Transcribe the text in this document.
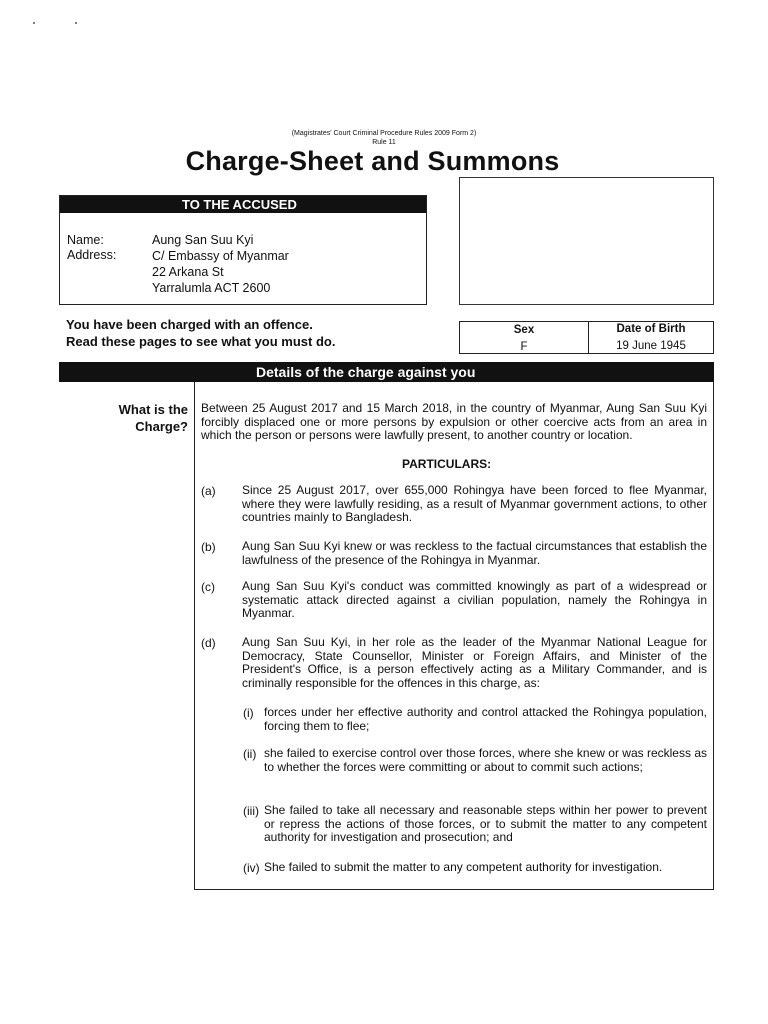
(Magistrates' Court Criminal Procedure Rules 2009 Form 2)
Rule 11
Charge-Sheet and Summons
TO THE ACCUSED
Name:
Address:
Aung San Suu Kyi
C/ Embassy of Myanmar
22 Arkana St
Yarralumla ACT 2600
You have been charged with an offence.
Read these pages to see what you must do.
Sex
F
Date of Birth
19 June 1945
Details of the charge against you
What is the
Charge?
Between 25 August 2017 and 15 March 2018, in the country of Myanmar, Aung San Suu Kyi forcibly displaced one or more persons by expulsion or other coercive acts from an area in which the person or persons were lawfully present, to another country or location.
PARTICULARS:
(a) Since 25 August 2017, over 655,000 Rohingya have been forced to flee Myanmar, where they were lawfully residing, as a result of Myanmar government actions, to other countries mainly to Bangladesh.
(b) Aung San Suu Kyi knew or was reckless to the factual circumstances that establish the lawfulness of the presence of the Rohingya in Myanmar.
(c) Aung San Suu Kyi's conduct was committed knowingly as part of a widespread or systematic attack directed against a civilian population, namely the Rohingya in Myanmar.
(d) Aung San Suu Kyi, in her role as the leader of the Myanmar National League for Democracy, State Counsellor, Minister or Foreign Affairs, and Minister of the President's Office, is a person effectively acting as a Military Commander, and is criminally responsible for the offences in this charge, as:
(i) forces under her effective authority and control attacked the Rohingya population, forcing them to flee;
(ii) she failed to exercise control over those forces, where she knew or was reckless as to whether the forces were committing or about to commit such actions;
(iii) She failed to take all necessary and reasonable steps within her power to prevent or repress the actions of those forces, or to submit the matter to any competent authority for investigation and prosecution; and
(iv) She failed to submit the matter to any competent authority for investigation.
